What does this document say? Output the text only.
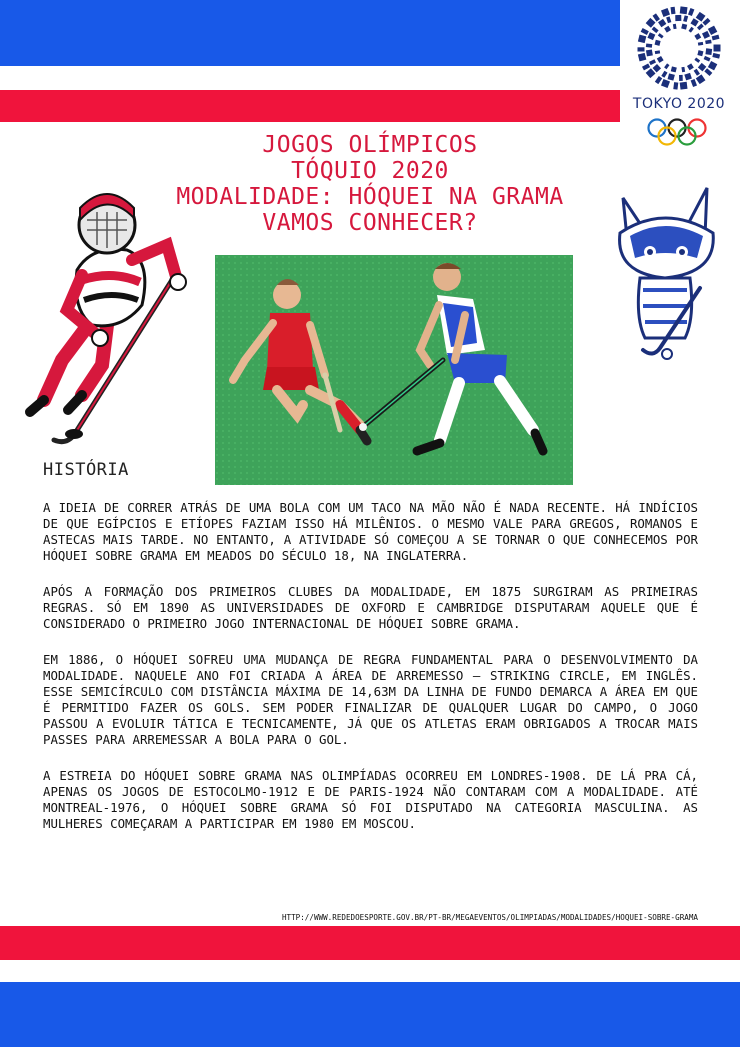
TOKYO 2020
JOGOS OLÍMPICOS
TÓQUIO 2020
MODALIDADE: HÓQUEI NA GRAMA
VAMOS CONHECER?
HISTÓRIA

A IDEIA DE CORRER ATRÁS DE UMA BOLA COM UM TACO NA MÃO NÃO É NADA RECENTE. HÁ INDÍCIOS DE QUE EGÍPCIOS E ETÍOPES FAZIAM ISSO HÁ MILÊNIOS. O MESMO VALE PARA GREGOS, ROMANOS E ASTECAS MAIS TARDE. NO ENTANTO, A ATIVIDADE SÓ COMEÇOU A SE TORNAR O QUE CONHECEMOS POR HÓQUEI SOBRE GRAMA EM MEADOS DO SÉCULO 18, NA INGLATERRA.

APÓS A FORMAÇÃO DOS PRIMEIROS CLUBES DA MODALIDADE, EM 1875 SURGIRAM AS PRIMEIRAS REGRAS. SÓ EM 1890 AS UNIVERSIDADES DE OXFORD E CAMBRIDGE DISPUTARAM AQUELE QUE É CONSIDERADO O PRIMEIRO JOGO INTERNACIONAL DE HÓQUEI SOBRE GRAMA.

EM 1886, O HÓQUEI SOFREU UMA MUDANÇA DE REGRA FUNDAMENTAL PARA O DESENVOLVIMENTO DA MODALIDADE. NAQUELE ANO FOI CRIADA A ÁREA DE ARREMESSO – STRIKING CIRCLE, EM INGLÊS. ESSE SEMICÍRCULO COM DISTÂNCIA MÁXIMA DE 14,63M DA LINHA DE FUNDO DEMARCA A ÁREA EM QUE É PERMITIDO FAZER OS GOLS. SEM PODER FINALIZAR DE QUALQUER LUGAR DO CAMPO, O JOGO PASSOU A EVOLUIR TÁTICA E TECNICAMENTE, JÁ QUE OS ATLETAS ERAM OBRIGADOS A TROCAR MAIS PASSES PARA ARREMESSAR A BOLA PARA O GOL.

A ESTREIA DO HÓQUEI SOBRE GRAMA NAS OLIMPÍADAS OCORREU EM LONDRES-1908. DE LÁ PRA CÁ, APENAS OS JOGOS DE ESTOCOLMO-1912 E DE PARIS-1924 NÃO CONTARAM COM A MODALIDADE. ATÉ MONTREAL-1976, O HÓQUEI SOBRE GRAMA SÓ FOI DISPUTADO NA CATEGORIA MASCULINA. AS MULHERES COMEÇARAM A PARTICIPAR EM 1980 EM MOSCOU.

HTTP://WWW.REDEDOESPORTE.GOV.BR/PT-BR/MEGAEVENTOS/OLIMPIADAS/MODALIDADES/HOQUEI-SOBRE-GRAMA
